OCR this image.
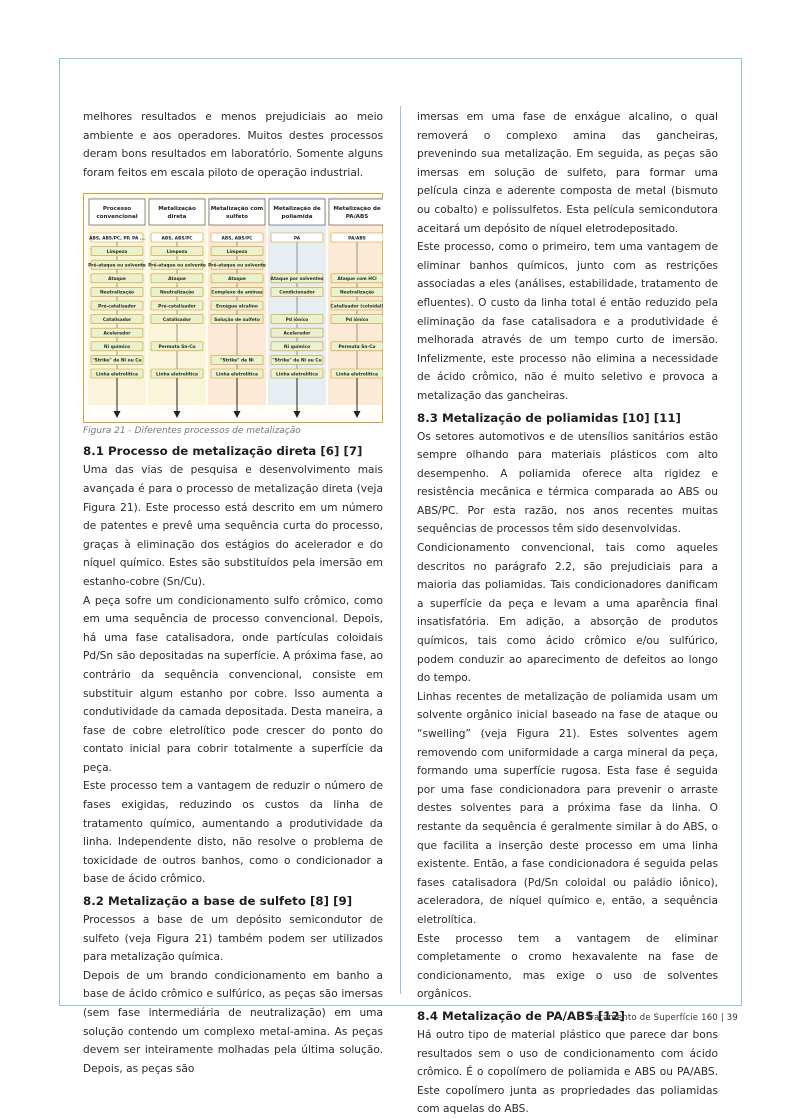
melhores resultados e menos prejudiciais ao meio ambiente e aos operadores. Muitos destes processos deram bons resultados em laboratório. Somente alguns foram feitos em escala piloto de operação industrial.

Processo
convencional
ABS, ABS/PC, PP, PA ...
Limpeza
Pré-ataque ou solvente
Ataque
Neutralização
Pré-catalisador
Catalisador
Acelerador
Ni químico
"Strike" de Ni ou Cu
Linha eletrolítica
Metalização
direta
ABS, ABS/PC
Limpeza
Pré-ataque ou solvente
Ataque
Neutralização
Pré-catalisador
Catalisador
Permuta Sn-Cu
Linha eletrolítica
Metalização com
sulfeto
ABS, ABS/PC
Limpeza
Pré-ataque ou solvente
Ataque
Complexo de aminas
Enxágue alcalino
Solução de sulfeto
"Strike" de Ni
Linha eletrolítica
Metalização de
poliamida
PA
Ataque por solventes
Condicionador
Pd iônico
Acelerador
Ni químico
"Strike" de Ni ou Cu
Linha eletrolítica
Metalização de
PA/ABS
PA/ABS
Ataque com HCl
Neutralização
Catalisador (coloidal)
Pd iônico
Permuta Sn-Cu
Linha eletrolítica
Figura 21 - Diferentes processos de metalização
8.1 Processo de metalização direta [6] [7]

Uma das vias de pesquisa e desenvolvimento mais avançada é para o processo de metalização direta (veja Figura 21). Este processo está descrito em um número de patentes e prevê uma sequência curta do processo, graças à eliminação dos estágios do acelerador e do níquel químico. Estes são substituídos pela imersão em estanho-cobre (Sn/Cu).

A peça sofre um condicionamento sulfo crômico, como em uma sequência de processo convencional. Depois, há uma fase catalisadora, onde partículas coloidais Pd/Sn são depositadas na superfície. A próxima fase, ao contrário da sequência convencional, consiste em substituir algum estanho por cobre. Isso aumenta a condutividade da camada depositada. Desta maneira, a fase de cobre eletrolítico pode crescer do ponto do contato inicial para cobrir totalmente a superfície da peça.

Este processo tem a vantagem de reduzir o número de fases exigidas, reduzindo os custos da linha de tratamento químico, aumentando a produtividade da linha. Independente disto, não resolve o problema de toxicidade de outros banhos, como o condicionador a base de ácido crômico.

8.2 Metalização a base de sulfeto [8] [9]

Processos a base de um depósito semicondutor de sulfeto (veja Figura 21) também podem ser utilizados para metalização química.

Depois de um brando condicionamento em banho a base de ácido crômico e sulfúrico, as peças são imersas (sem fase intermediária de neutralização) em uma solução contendo um complexo metal-amina. As peças devem ser inteiramente molhadas pela última solução. Depois, as peças são

imersas em uma fase de enxágue alcalino, o qual removerá o complexo amina das gancheiras, prevenindo sua metalização. Em seguida, as peças são imersas em solução de sulfeto, para formar uma película cinza e aderente composta de metal (bismuto ou cobalto) e polissulfetos. Esta película semicondutora aceitará um depósito de níquel eletrodepositado.

Este processo, como o primeiro, tem uma vantagem de eliminar banhos químicos, junto com as restrições associadas a eles (análises, estabilidade, tratamento de efluentes). O custo da linha total é então reduzido pela eliminação da fase catalisadora e a produtividade é melhorada através de um tempo curto de imersão. Infelizmente, este processo não elimina a necessidade de ácido crômico, não é muito seletivo e provoca a metalização das gancheiras.

8.3 Metalização de poliamidas [10] [11]

Os setores automotivos e de utensílios sanitários estão sempre olhando para materiais plásticos com alto desempenho. A poliamida oferece alta rigidez e resistência mecânica e térmica comparada ao ABS ou ABS/PC. Por esta razão, nos anos recentes muitas sequências de processos têm sido desenvolvidas.

Condicionamento convencional, tais como aqueles descritos no parágrafo 2.2, são prejudiciais para a maioria das poliamidas. Tais condicionadores danificam a superfície da peça e levam a uma aparência final insatisfatória. Em adição, a absorção de produtos químicos, tais como ácido crômico e/ou sulfúrico, podem conduzir ao aparecimento de defeitos ao longo do tempo.

Linhas recentes de metalização de poliamida usam um solvente orgânico inicial baseado na fase de ataque ou “swelling” (veja Figura 21). Estes solventes agem removendo com uniformidade a carga mineral da peça, formando uma superfície rugosa. Esta fase é seguida por uma fase condicionadora para prevenir o arraste destes solventes para a próxima fase da linha. O restante da sequência é geralmente similar à do ABS, o que facilita a inserção deste processo em uma linha existente. Então, a fase condicionadora é seguida pelas fases catalisadora (Pd/Sn coloidal ou paládio iônico), aceleradora, de níquel químico e, então, a sequência eletrolítica.

Este processo tem a vantagem de eliminar completamente o cromo hexavalente na fase de condicionamento, mas exige o uso de solventes orgânicos.

8.4 Metalização de PA/ABS [12]

Há outro tipo de material plástico que parece dar bons resultados sem o uso de condicionamento com ácido crômico. É o copolímero de poliamida e ABS ou PA/ABS. Este copolímero junta as propriedades das poliamidas com aquelas do ABS.

Tratamento de Superfície 160 | 39
